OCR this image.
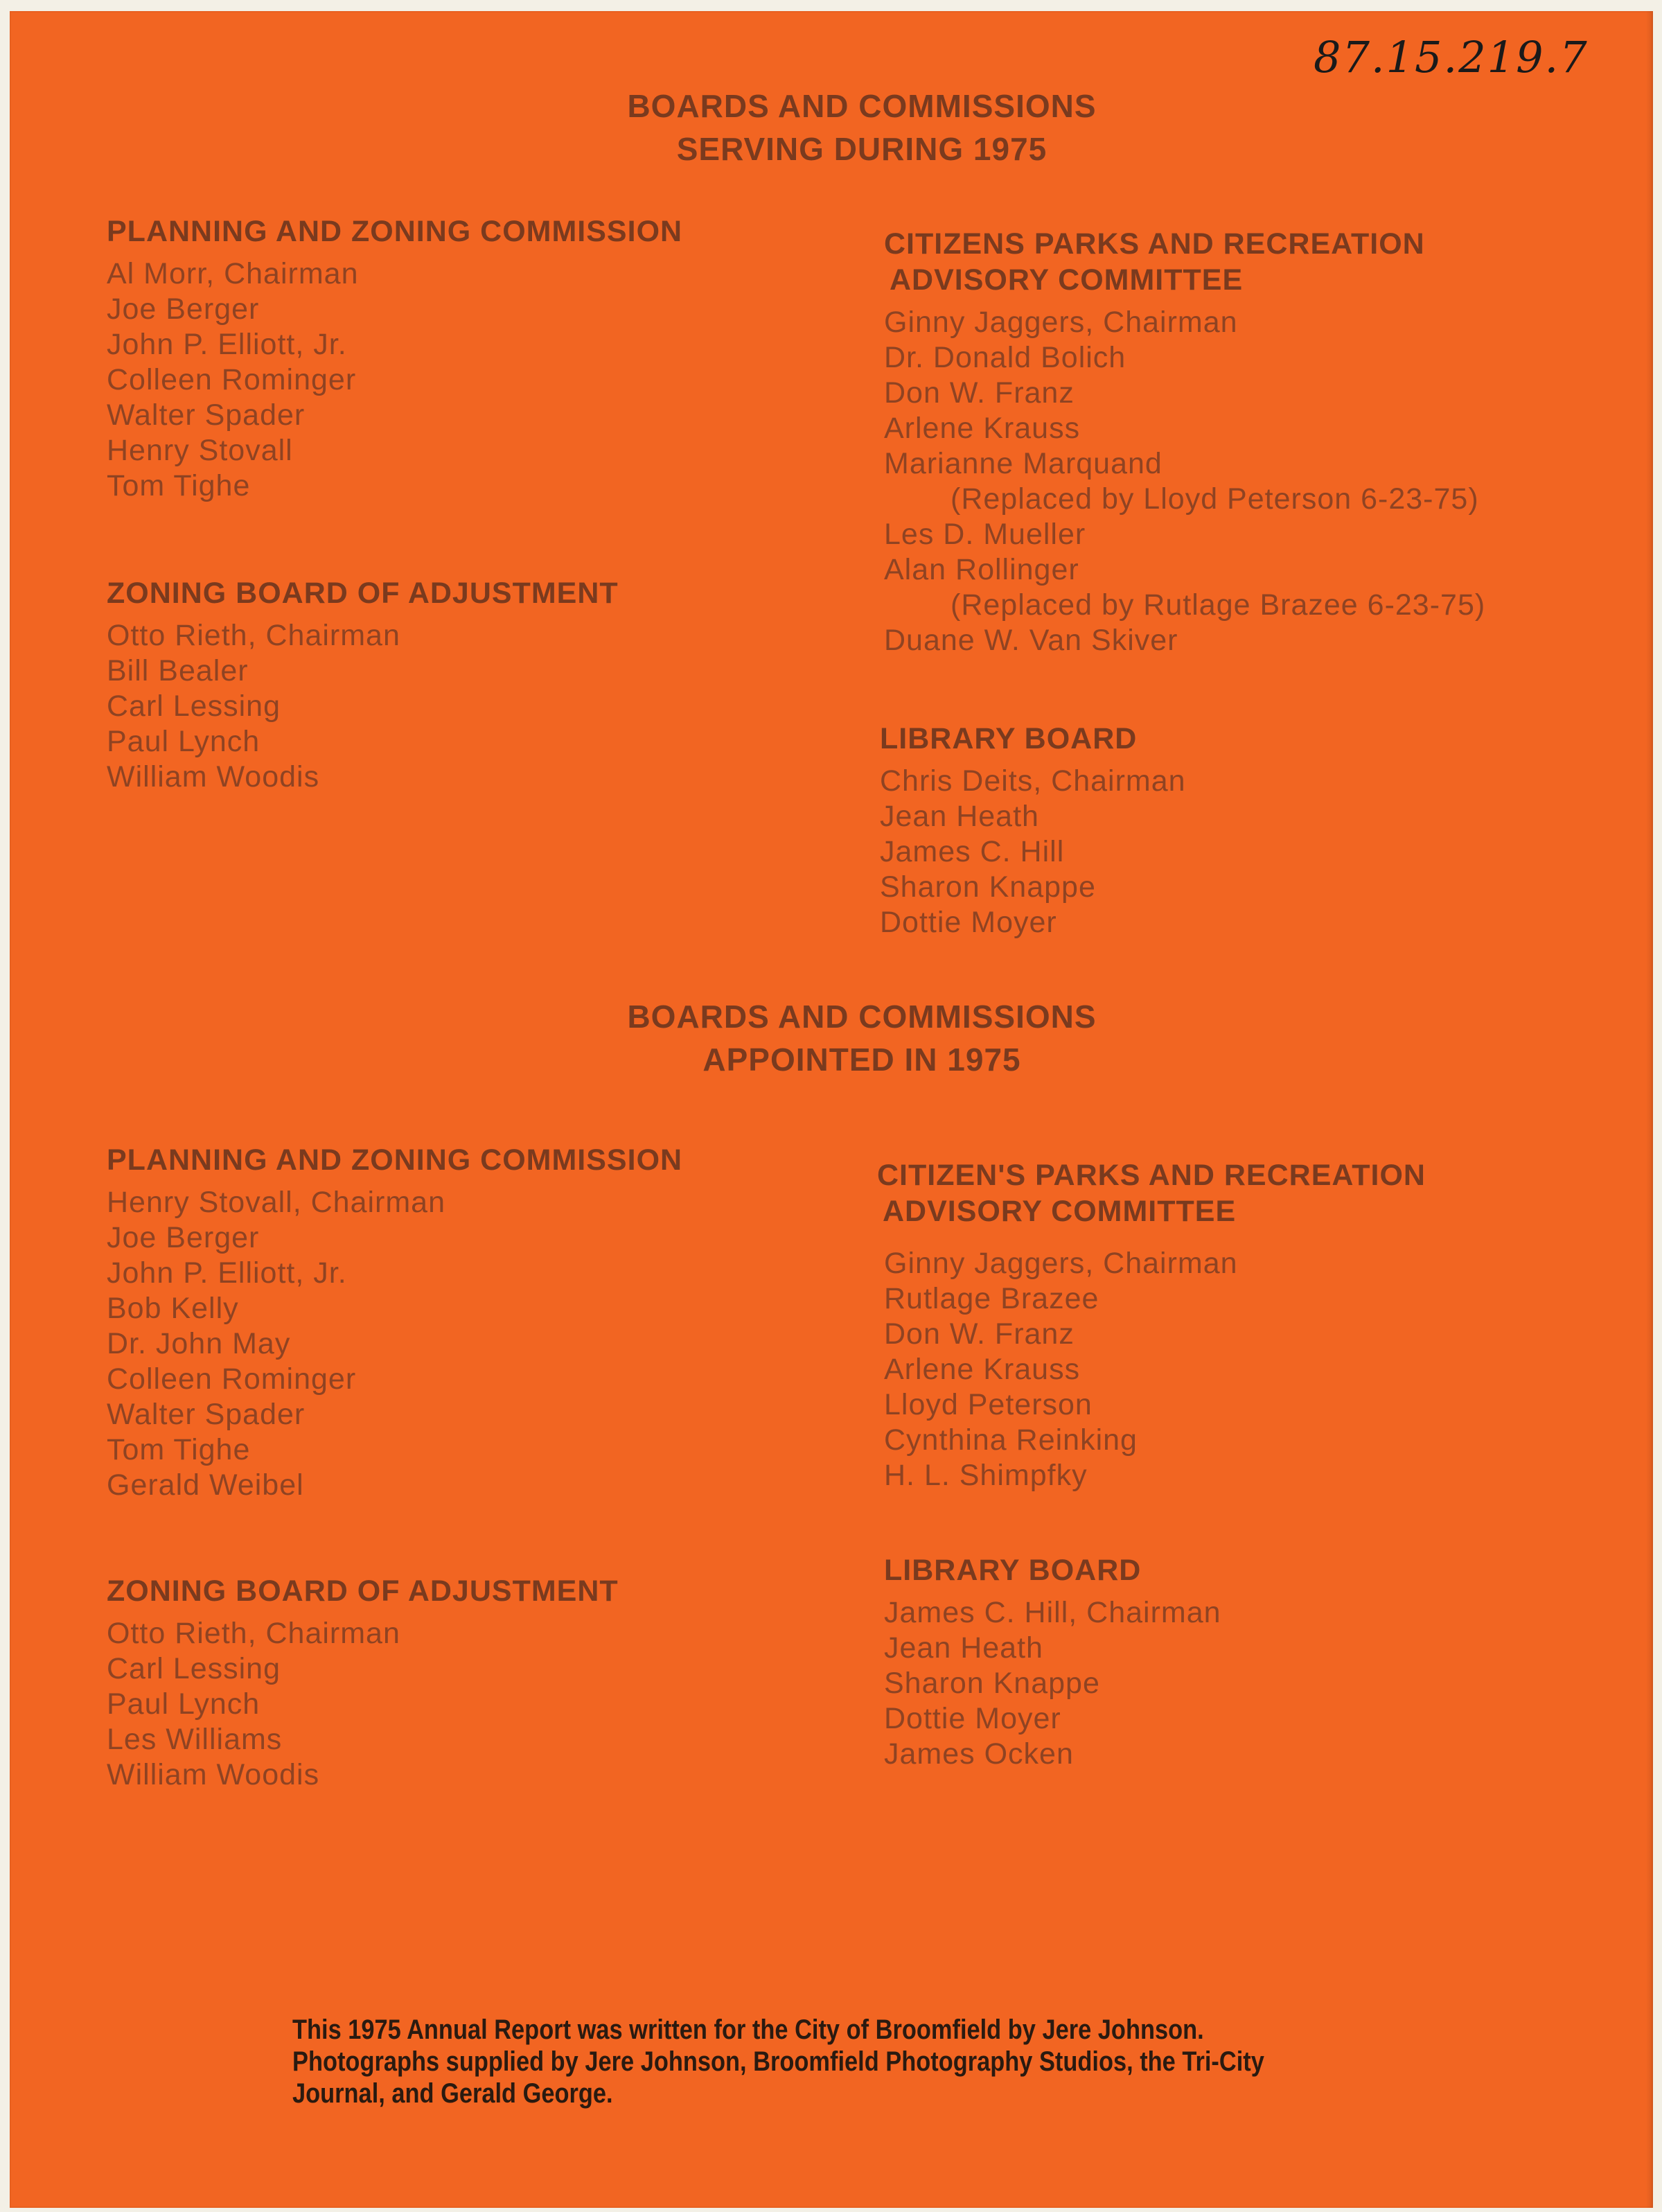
87.15.219.7
BOARDS AND COMMISSIONS
SERVING DURING 1975
PLANNING AND ZONING COMMISSION
Al Morr, Chairman
Joe Berger
John P. Elliott, Jr.
Colleen Rominger
Walter Spader
Henry Stovall
Tom Tighe
ZONING BOARD OF ADJUSTMENT
Otto Rieth, Chairman
Bill Bealer
Carl Lessing
Paul Lynch
William Woodis
CITIZENS PARKS AND RECREATION
ADVISORY COMMITTEE
Ginny Jaggers, Chairman
Dr. Donald Bolich
Don W. Franz
Arlene Krauss
Marianne Marquand
(Replaced by Lloyd Peterson 6-23-75)
Les D. Mueller
Alan Rollinger
(Replaced by Rutlage Brazee 6-23-75)
Duane W. Van Skiver
LIBRARY BOARD
Chris Deits, Chairman
Jean Heath
James C. Hill
Sharon Knappe
Dottie Moyer
BOARDS AND COMMISSIONS
APPOINTED IN 1975
PLANNING AND ZONING COMMISSION
Henry Stovall, Chairman
Joe Berger
John P. Elliott, Jr.
Bob Kelly
Dr. John May
Colleen Rominger
Walter Spader
Tom Tighe
Gerald Weibel
ZONING BOARD OF ADJUSTMENT
Otto Rieth, Chairman
Carl Lessing
Paul Lynch
Les Williams
William Woodis
CITIZEN'S PARKS AND RECREATION
ADVISORY COMMITTEE
Ginny Jaggers, Chairman
Rutlage Brazee
Don W. Franz
Arlene Krauss
Lloyd Peterson
Cynthina Reinking
H. L. Shimpfky
LIBRARY BOARD
James C. Hill, Chairman
Jean Heath
Sharon Knappe
Dottie Moyer
James Ocken
This 1975 Annual Report was written for the City of Broomfield by Jere Johnson.
Photographs supplied by Jere Johnson, Broomfield Photography Studios, the Tri-City
Journal, and Gerald George.
